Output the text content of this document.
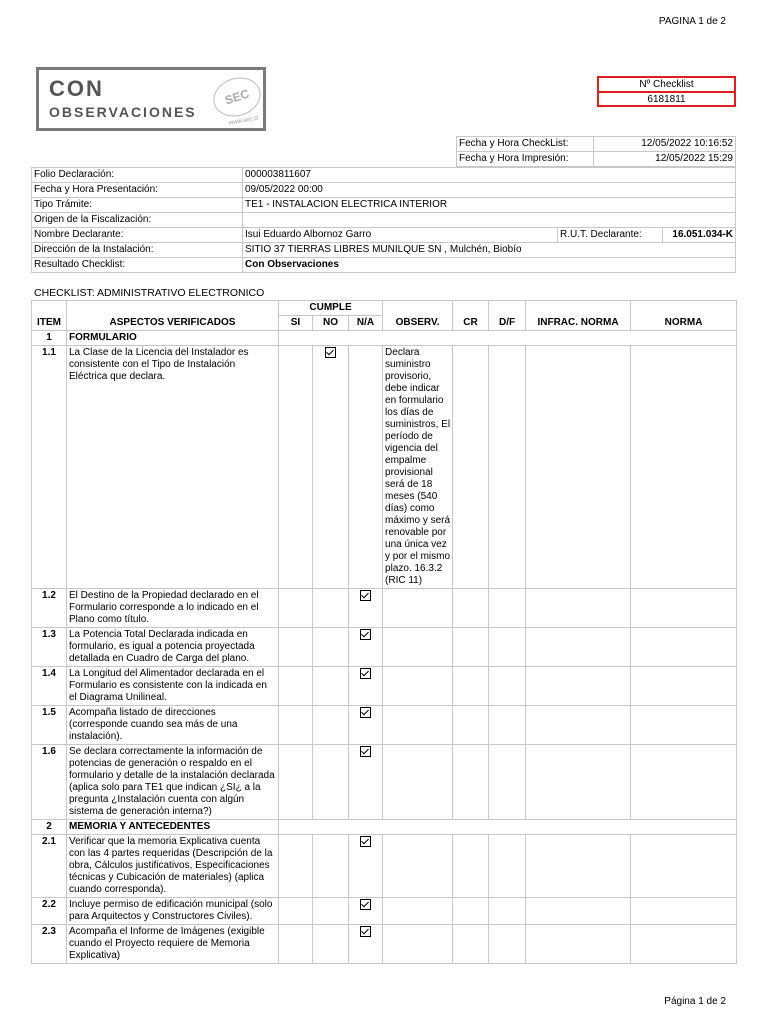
PAGINA 1 de 2
CON
OBSERVACIONES
SEC
www.sec.cl
Nº Checklist
6181811
Fecha y Hora CheckList:	12/05/2022 10:16:52
Fecha y Hora Impresión:	12/05/2022 15:29
Folio Declaración:	000003811607		
Fecha y Hora Presentación:	09/05/2022 00:00		
Tipo Trámite:	TE1 - INSTALACION ELECTRICA INTERIOR		
Origen de la Fiscalización:			
Nombre Declarante:	Isui Eduardo Albornoz Garro	R.U.T. Declarante:	16.051.034-K
Dirección de la Instalación:	SITIO 37 TIERRAS LIBRES MUNILQUE SN , Mulchén, Biobío		
Resultado Checklist:	Con Observaciones		
CHECKLIST: ADMINISTRATIVO ELECTRONICO
		CUMPLE							
ITEM	ASPECTOS VERIFICADOS	SI	NO	N/A	OBSERV.	CR	D/F	INFRAC. NORMA	NORMA
1	FORMULARIO								
1.1	La Clase de la Licencia del Instalador es consistente con el Tipo de Instalación Eléctrica que declara.				Declara suministro provisorio, debe indicar en formulario los días de suministros, El período de vigencia del empalme provisional será de 18 meses (540 días) como máximo y será renovable por una única vez y por el mismo plazo. 16.3.2 (RIC 11)				
1.2	El Destino de la Propiedad declarado en el Formulario corresponde a lo indicado en el Plano como título.								
1.3	La Potencia Total Declarada indicada en formulario, es igual a potencia proyectada detallada en Cuadro de Carga del plano.								
1.4	La Longitud del Alimentador declarada en el Formulario es consistente con la indicada en el Diagrama Unilineal.								
1.5	Acompaña listado de direcciones (corresponde cuando sea más de una instalación).								
1.6	Se declara correctamente la información de potencias de generación o respaldo en el formulario y detalle de la instalación declarada (aplica solo para TE1 que indican ¿SI¿ a la pregunta ¿Instalación cuenta con algún sistema de generación interna?)								
2	MEMORIA Y ANTECEDENTES								
2.1	Verificar que la memoria Explicativa cuenta con las 4 partes requeridas (Descripción de la obra, Cálculos justificativos, Especificaciones técnicas y Cubicación de materiales) (aplica cuando corresponda).								
2.2	Incluye permiso de edificación municipal (solo para Arquitectos y Constructores Civiles).								
2.3	Acompaña el Informe de Imágenes (exigible cuando el Proyecto requiere de Memoria Explicativa)								
Página 1 de 2
